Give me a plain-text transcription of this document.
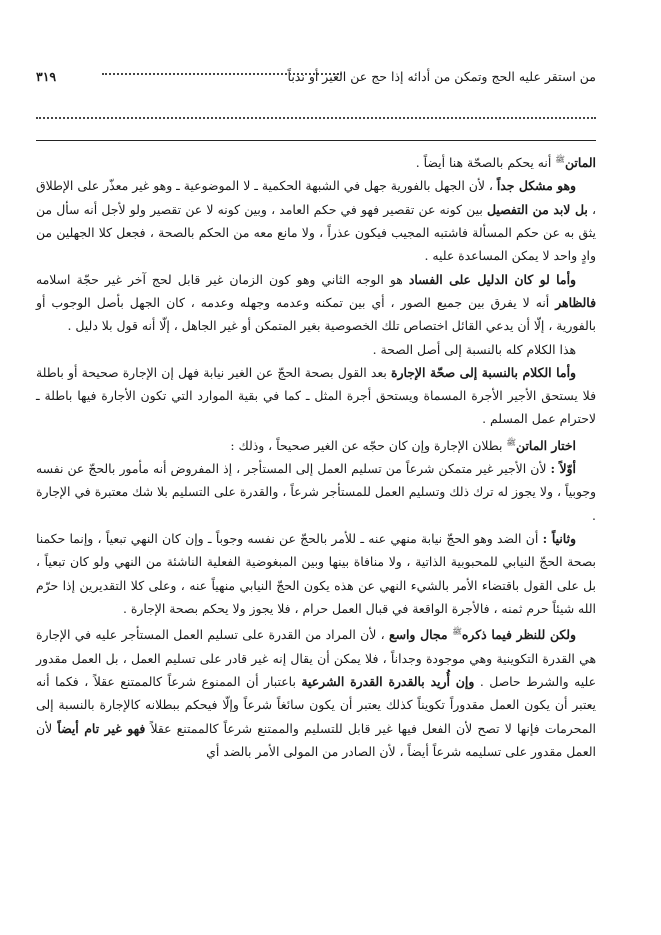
٣١٩	من استقر عليه الحج وتمكن من أدائه إذا حج عن الغير أو ندباً

الماتن$^ﷺ$ أنه يحكم بالصحّة هنا أيضاً .

وهو مشكل جداً ، لأن الجهل بالفورية جهل في الشبهة الحكمية ـ لا الموضوعية ـ وهو غير معذّر على الإطلاق ، بل لابد من التفصيل بين كونه عن تقصير فهو في حكم العامد ، وبين كونه لا عن تقصير ولو لأجل أنه سأل من يثق به عن حكم المسألة فاشتبه المجيب فيكون عذراً ، ولا مانع معه من الحكم بالصحة ، فجعل كلا الجهلين من وادٍ واحد لا يمكن المساعدة عليه .

وأما لو كان الدليل على الفساد هو الوجه الثاني وهو كون الزمان غير قابل لحج آخر غير حجّة اسلامه فالظاهر أنه لا يفرق بين جميع الصور ، أي بين تمكنه وعدمه وجهله وعدمه ، كان الجهل بأصل الوجوب أو بالفورية ، إلّا أن يدعي القائل اختصاص تلك الخصوصية بغير المتمكن أو غير الجاهل ، إلّا أنه قول بلا دليل .

هذا الكلام كله بالنسبة إلى أصل الصحة .

وأما الكلام بالنسبة إلى صحّة الإجارة بعد القول بصحة الحجّ عن الغير نيابة فهل إن الإجارة صحيحة أو باطلة فلا يستحق الأجير الأجرة المسماة ويستحق أجرة المثل ـ كما في بقية الموارد التي تكون الأجارة فيها باطلة ـ لاحترام عمل المسلم .

اختار الماتن$^ﷺ$ بطلان الإجارة وإن كان حجّه عن الغير صحيحاً ، وذلك :

أوّلاً : لأن الأجير غير متمكن شرعاً من تسليم العمل إلى المستأجر ، إذ المفروض أنه مأمور بالحجّ عن نفسه وجوبياً ، ولا يجوز له ترك ذلك وتسليم العمل للمستأجر شرعاً ، والقدرة على التسليم بلا شك معتبرة في الإجارة .

وثانياً : أن الضد وهو الحجّ نيابة منهي عنه ـ للأمر بالحجّ عن نفسه وجوباً ـ وإن كان النهي تبعياً ، وإنما حكمنا بصحة الحجّ النيابي للمحبوبية الذاتية ، ولا منافاة بينها وبين المبغوضية الفعلية الناشئة من النهي ولو كان تبعياً ، بل على القول باقتضاء الأمر بالشيء النهي عن هذه يكون الحجّ النيابي منهياً عنه ، وعلى كلا التقديرين إذا حرّم الله شيئاً حرم ثمنه ، فالأجرة الواقعة في قبال العمل حرام ، فلا يجوز ولا يحكم بصحة الإجارة .

ولكن للنظر فيما ذكره$^ﷺ$ مجال واسع ، لأن المراد من القدرة على تسليم العمل المستأجر عليه في الإجارة هي القدرة التكوينية وهي موجودة وجداناً ، فلا يمكن أن يقال إنه غير قادر على تسليم العمل ، بل العمل مقدور عليه والشرط حاصل . وإن أُريد بالقدرة القدرة الشرعية باعتبار أن الممنوع شرعاً كالممتنع عقلاً ، فكما أنه يعتبر أن يكون العمل مقدوراً تكويناً كذلك يعتبر أن يكون سائغاً شرعاً وإلّا فيحكم ببطلانه كالإجارة بالنسبة إلى المحرمات فإنها لا تصح لأن الفعل فيها غير قابل للتسليم والممتنع شرعاً كالممتنع عقلاً فهو غير تام أيضاً لأن العمل مقدور على تسليمه شرعاً أيضاً ، لأن الصادر من المولى الأمر بالضد أي
